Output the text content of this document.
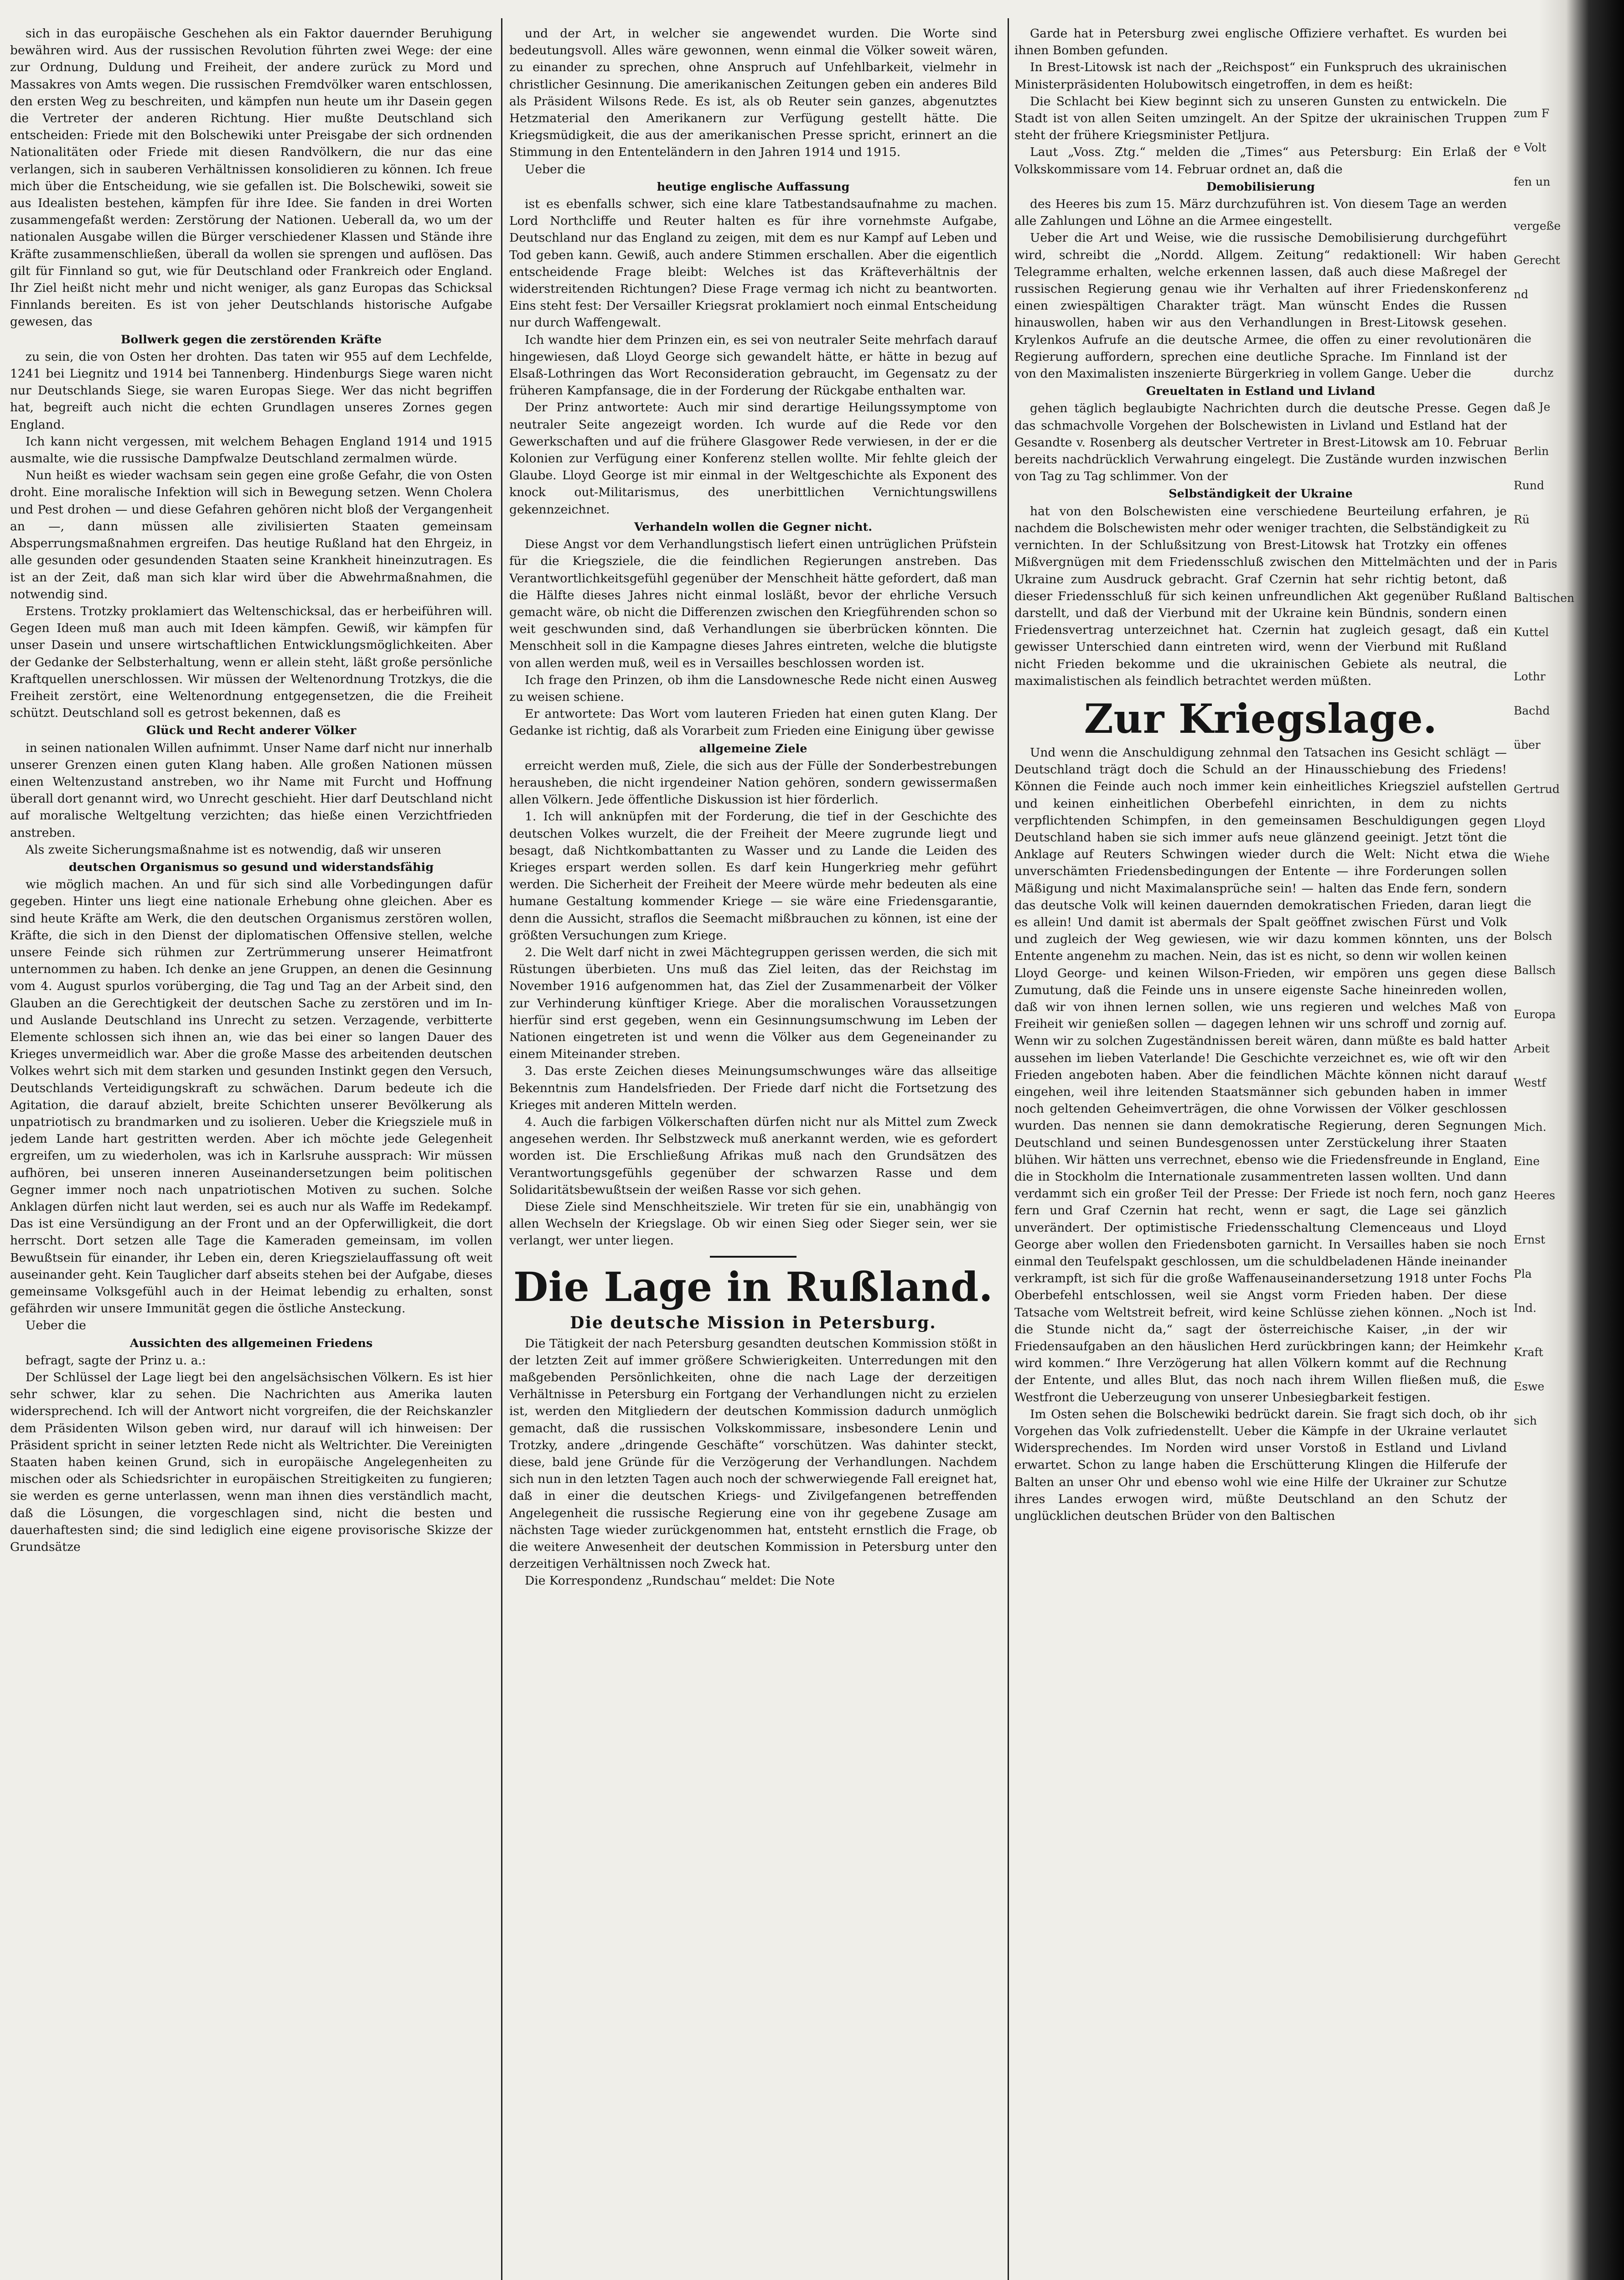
sich in das europäische Geschehen als ein Faktor dauernder Beruhigung bewähren wird. Aus der russischen Revolution führten zwei Wege: der eine zur Ordnung, Duldung und Freiheit, der andere zurück zu Mord und Massakres von Amts wegen. Die russischen Fremdvölker waren entschlossen, den ersten Weg zu beschreiten, und kämpfen nun heute um ihr Dasein gegen die Vertreter der anderen Richtung. Hier mußte Deutschland sich entscheiden: Friede mit den Bolschewiki unter Preisgabe der sich ordnenden Nationalitäten oder Friede mit diesen Randvölkern, die nur das eine verlangen, sich in sauberen Verhältnissen konsolidieren zu können. Ich freue mich über die Entscheidung, wie sie gefallen ist. Die Bolschewiki, soweit sie aus Idealisten bestehen, kämpfen für ihre Idee. Sie fanden in drei Worten zusammengefaßt werden: Zerstörung der Nationen. Ueberall da, wo um der nationalen Ausgabe willen die Bürger verschiedener Klassen und Stände ihre Kräfte zusammenschließen, überall da wollen sie sprengen und auflösen. Das gilt für Finnland so gut, wie für Deutschland oder Frankreich oder England. Ihr Ziel heißt nicht mehr und nicht weniger, als ganz Europas das Schicksal Finnlands bereiten. Es ist von jeher Deutschlands historische Aufgabe gewesen, das

Bollwerk gegen die zerstörenden Kräfte

zu sein, die von Osten her drohten. Das taten wir 955 auf dem Lechfelde, 1241 bei Liegnitz und 1914 bei Tannenberg. Hindenburgs Siege waren nicht nur Deutschlands Siege, sie waren Europas Siege. Wer das nicht begriffen hat, begreift auch nicht die echten Grundlagen unseres Zornes gegen England.

Ich kann nicht vergessen, mit welchem Behagen England 1914 und 1915 ausmalte, wie die russische Dampfwalze Deutschland zermalmen würde.

Nun heißt es wieder wachsam sein gegen eine große Gefahr, die von Osten droht. Eine moralische Infektion will sich in Bewegung setzen. Wenn Cholera und Pest drohen — und diese Gefahren gehören nicht bloß der Vergangenheit an —, dann müssen alle zivilisierten Staaten gemeinsam Absperrungsmaßnahmen ergreifen. Das heutige Rußland hat den Ehrgeiz, in alle gesunden oder gesundenden Staaten seine Krankheit hineinzutragen. Es ist an der Zeit, daß man sich klar wird über die Abwehrmaßnahmen, die notwendig sind.

Erstens. Trotzky proklamiert das Weltenschicksal, das er herbeiführen will. Gegen Ideen muß man auch mit Ideen kämpfen. Gewiß, wir kämpfen für unser Dasein und unsere wirtschaftlichen Entwicklungsmöglichkeiten. Aber der Gedanke der Selbsterhaltung, wenn er allein steht, läßt große persönliche Kraftquellen unerschlossen. Wir müssen der Weltenordnung Trotzkys, die die Freiheit zerstört, eine Weltenordnung entgegensetzen, die die Freiheit schützt. Deutschland soll es getrost bekennen, daß es

Glück und Recht anderer Völker

in seinen nationalen Willen aufnimmt. Unser Name darf nicht nur innerhalb unserer Grenzen einen guten Klang haben. Alle großen Nationen müssen einen Weltenzustand anstreben, wo ihr Name mit Furcht und Hoffnung überall dort genannt wird, wo Unrecht geschieht. Hier darf Deutschland nicht auf moralische Weltgeltung verzichten; das hieße einen Verzichtfrieden anstreben.

Als zweite Sicherungsmaßnahme ist es notwendig, daß wir unseren

deutschen Organismus so gesund und widerstandsfähig

wie möglich machen. An und für sich sind alle Vorbedingungen dafür gegeben. Hinter uns liegt eine nationale Erhebung ohne gleichen. Aber es sind heute Kräfte am Werk, die den deutschen Organismus zerstören wollen, Kräfte, die sich in den Dienst der diplomatischen Offensive stellen, welche unsere Feinde sich rühmen zur Zertrümmerung unserer Heimatfront unternommen zu haben. Ich denke an jene Gruppen, an denen die Gesinnung vom 4. August spurlos vorüberging, die Tag und Tag an der Arbeit sind, den Glauben an die Gerechtigkeit der deutschen Sache zu zerstören und im In- und Auslande Deutschland ins Unrecht zu setzen. Verzagende, verbitterte Elemente schlossen sich ihnen an, wie das bei einer so langen Dauer des Krieges unvermeidlich war. Aber die große Masse des arbeitenden deutschen Volkes wehrt sich mit dem starken und gesunden Instinkt gegen den Versuch, Deutschlands Verteidigungskraft zu schwächen. Darum bedeute ich die Agitation, die darauf abzielt, breite Schichten unserer Bevölkerung als unpatriotisch zu brandmarken und zu isolieren. Ueber die Kriegsziele muß in jedem Lande hart gestritten werden. Aber ich möchte jede Gelegenheit ergreifen, um zu wiederholen, was ich in Karlsruhe aussprach: Wir müssen aufhören, bei unseren inneren Auseinandersetzungen beim politischen Gegner immer noch nach unpatriotischen Motiven zu suchen. Solche Anklagen dürfen nicht laut werden, sei es auch nur als Waffe im Redekampf. Das ist eine Versündigung an der Front und an der Opferwilligkeit, die dort herrscht. Dort setzen alle Tage die Kameraden gemeinsam, im vollen Bewußtsein für einander, ihr Leben ein, deren Kriegszielauffassung oft weit auseinander geht. Kein Tauglicher darf abseits stehen bei der Aufgabe, dieses gemeinsame Volksgefühl auch in der Heimat lebendig zu erhalten, sonst gefährden wir unsere Immunität gegen die östliche Ansteckung.

Ueber die

Aussichten des allgemeinen Friedens

befragt, sagte der Prinz u. a.:

Der Schlüssel der Lage liegt bei den angelsächsischen Völkern. Es ist hier sehr schwer, klar zu sehen. Die Nachrichten aus Amerika lauten widersprechend. Ich will der Antwort nicht vorgreifen, die der Reichskanzler dem Präsidenten Wilson geben wird, nur darauf will ich hinweisen: Der Präsident spricht in seiner letzten Rede nicht als Weltrichter. Die Vereinigten Staaten haben keinen Grund, sich in europäische Angelegenheiten zu mischen oder als Schiedsrichter in europäischen Streitigkeiten zu fungieren; sie werden es gerne unterlassen, wenn man ihnen dies verständlich macht, daß die Lösungen, die vorgeschlagen sind, nicht die besten und dauerhaftesten sind; die sind lediglich eine eigene provisorische Skizze der Grundsätze

und der Art, in welcher sie angewendet wurden. Die Worte sind bedeutungsvoll. Alles wäre gewonnen, wenn einmal die Völker soweit wären, zu einander zu sprechen, ohne Anspruch auf Unfehlbarkeit, vielmehr in christlicher Gesinnung. Die amerikanischen Zeitungen geben ein anderes Bild als Präsident Wilsons Rede. Es ist, als ob Reuter sein ganzes, abgenutztes Hetzmaterial den Amerikanern zur Verfügung gestellt hätte. Die Kriegsmüdigkeit, die aus der amerikanischen Presse spricht, erinnert an die Stimmung in den Ententeländern in den Jahren 1914 und 1915.

Ueber die

heutige englische Auffassung

ist es ebenfalls schwer, sich eine klare Tatbestandsaufnahme zu machen. Lord Northcliffe und Reuter halten es für ihre vornehmste Aufgabe, Deutschland nur das England zu zeigen, mit dem es nur Kampf auf Leben und Tod geben kann. Gewiß, auch andere Stimmen erschallen. Aber die eigentlich entscheidende Frage bleibt: Welches ist das Kräfteverhältnis der widerstreitenden Richtungen? Diese Frage vermag ich nicht zu beantworten. Eins steht fest: Der Versailler Kriegsrat proklamiert noch einmal Entscheidung nur durch Waffengewalt.

Ich wandte hier dem Prinzen ein, es sei von neutraler Seite mehrfach darauf hingewiesen, daß Lloyd George sich gewandelt hätte, er hätte in bezug auf Elsaß-Lothringen das Wort Reconsideration gebraucht, im Gegensatz zu der früheren Kampfansage, die in der Forderung der Rückgabe enthalten war.

Der Prinz antwortete: Auch mir sind derartige Heilungssymptome von neutraler Seite angezeigt worden. Ich wurde auf die Rede vor den Gewerkschaften und auf die frühere Glasgower Rede verwiesen, in der er die Kolonien zur Verfügung einer Konferenz stellen wollte. Mir fehlte gleich der Glaube. Lloyd George ist mir einmal in der Weltgeschichte als Exponent des knock out-Militarismus, des unerbittlichen Vernichtungswillens gekennzeichnet.

Verhandeln wollen die Gegner nicht.

Diese Angst vor dem Verhandlungstisch liefert einen untrüglichen Prüfstein für die Kriegsziele, die die feindlichen Regierungen anstreben. Das Verantwortlichkeitsgefühl gegenüber der Menschheit hätte gefordert, daß man die Hälfte dieses Jahres nicht einmal losläßt, bevor der ehrliche Versuch gemacht wäre, ob nicht die Differenzen zwischen den Kriegführenden schon so weit geschwunden sind, daß Verhandlungen sie überbrücken könnten. Die Menschheit soll in die Kampagne dieses Jahres eintreten, welche die blutigste von allen werden muß, weil es in Versailles beschlossen worden ist.

Ich frage den Prinzen, ob ihm die Lansdownesche Rede nicht einen Ausweg zu weisen schiene.

Er antwortete: Das Wort vom lauteren Frieden hat einen guten Klang. Der Gedanke ist richtig, daß als Vorarbeit zum Frieden eine Einigung über gewisse

allgemeine Ziele

erreicht werden muß, Ziele, die sich aus der Fülle der Sonderbestrebungen herausheben, die nicht irgendeiner Nation gehören, sondern gewissermaßen allen Völkern. Jede öffentliche Diskussion ist hier förderlich.

1. Ich will anknüpfen mit der Forderung, die tief in der Geschichte des deutschen Volkes wurzelt, die der Freiheit der Meere zugrunde liegt und besagt, daß Nichtkombattanten zu Wasser und zu Lande die Leiden des Krieges erspart werden sollen. Es darf kein Hungerkrieg mehr geführt werden. Die Sicherheit der Freiheit der Meere würde mehr bedeuten als eine humane Gestaltung kommender Kriege — sie wäre eine Friedensgarantie, denn die Aussicht, straflos die Seemacht mißbrauchen zu können, ist eine der größten Versuchungen zum Kriege.

2. Die Welt darf nicht in zwei Mächtegruppen gerissen werden, die sich mit Rüstungen überbieten. Uns muß das Ziel leiten, das der Reichstag im November 1916 aufgenommen hat, das Ziel der Zusammenarbeit der Völker zur Verhinderung künftiger Kriege. Aber die moralischen Voraussetzungen hierfür sind erst gegeben, wenn ein Gesinnungsumschwung im Leben der Nationen eingetreten ist und wenn die Völker aus dem Gegeneinander zu einem Miteinander streben.

3. Das erste Zeichen dieses Meinungsumschwunges wäre das allseitige Bekenntnis zum Handelsfrieden. Der Friede darf nicht die Fortsetzung des Krieges mit anderen Mitteln werden.

4. Auch die farbigen Völkerschaften dürfen nicht nur als Mittel zum Zweck angesehen werden. Ihr Selbstzweck muß anerkannt werden, wie es gefordert worden ist. Die Erschließung Afrikas muß nach den Grundsätzen des Verantwortungsgefühls gegenüber der schwarzen Rasse und dem Solidaritätsbewußtsein der weißen Rasse vor sich gehen.

Diese Ziele sind Menschheitsziele. Wir treten für sie ein, unabhängig von allen Wechseln der Kriegslage. Ob wir einen Sieg oder Sieger sein, wer sie verlangt, wer unter liegen.

Die Lage in Rußland.
Die deutsche Mission in Petersburg.

Die Tätigkeit der nach Petersburg gesandten deutschen Kommission stößt in der letzten Zeit auf immer größere Schwierigkeiten. Unterredungen mit den maßgebenden Persönlichkeiten, ohne die nach Lage der derzeitigen Verhältnisse in Petersburg ein Fortgang der Verhandlungen nicht zu erzielen ist, werden den Mitgliedern der deutschen Kommission dadurch unmöglich gemacht, daß die russischen Volkskommissare, insbesondere Lenin und Trotzky, andere „dringende Geschäfte“ vorschützen. Was dahinter steckt, diese, bald jene Gründe für die Verzögerung der Verhandlungen. Nachdem sich nun in den letzten Tagen auch noch der schwerwiegende Fall ereignet hat, daß in einer die deutschen Kriegs- und Zivilgefangenen betreffenden Angelegenheit die russische Regierung eine von ihr gegebene Zusage am nächsten Tage wieder zurückgenommen hat, entsteht ernstlich die Frage, ob die weitere Anwesenheit der deutschen Kommission in Petersburg unter den derzeitigen Verhältnissen noch Zweck hat.

Die Korrespondenz „Rundschau“ meldet: Die Note

Garde hat in Petersburg zwei englische Offiziere verhaftet. Es wurden bei ihnen Bomben gefunden.

In Brest-Litowsk ist nach der „Reichspost“ ein Funkspruch des ukrainischen Ministerpräsidenten Holubowitsch eingetroffen, in dem es heißt:

Die Schlacht bei Kiew beginnt sich zu unseren Gunsten zu entwickeln. Die Stadt ist von allen Seiten umzingelt. An der Spitze der ukrainischen Truppen steht der frühere Kriegsminister Petljura.

Laut „Voss. Ztg.“ melden die „Times“ aus Petersburg: Ein Erlaß der Volkskommissare vom 14. Februar ordnet an, daß die

Demobilisierung

des Heeres bis zum 15. März durchzuführen ist. Von diesem Tage an werden alle Zahlungen und Löhne an die Armee eingestellt.

Ueber die Art und Weise, wie die russische Demobilisierung durchgeführt wird, schreibt die „Nordd. Allgem. Zeitung“ redaktionell: Wir haben Telegramme erhalten, welche erkennen lassen, daß auch diese Maßregel der russischen Regierung genau wie ihr Verhalten auf ihrer Friedenskonferenz einen zwiespältigen Charakter trägt. Man wünscht Endes die Russen hinauswollen, haben wir aus den Verhandlungen in Brest-Litowsk gesehen. Krylenkos Aufrufe an die deutsche Armee, die offen zu einer revolutionären Regierung auffordern, sprechen eine deutliche Sprache. Im Finnland ist der von den Maximalisten inszenierte Bürgerkrieg in vollem Gange. Ueber die

Greueltaten in Estland und Livland

gehen täglich beglaubigte Nachrichten durch die deutsche Presse. Gegen das schmachvolle Vorgehen der Bolschewisten in Livland und Estland hat der Gesandte v. Rosenberg als deutscher Vertreter in Brest-Litowsk am 10. Februar bereits nachdrücklich Verwahrung eingelegt. Die Zustände wurden inzwischen von Tag zu Tag schlimmer. Von der

Selbständigkeit der Ukraine

hat von den Bolschewisten eine verschiedene Beurteilung erfahren, je nachdem die Bolschewisten mehr oder weniger trachten, die Selbständigkeit zu vernichten. In der Schlußsitzung von Brest-Litowsk hat Trotzky ein offenes Mißvergnügen mit dem Friedensschluß zwischen den Mittelmächten und der Ukraine zum Ausdruck gebracht. Graf Czernin hat sehr richtig betont, daß dieser Friedensschluß für sich keinen unfreundlichen Akt gegenüber Rußland darstellt, und daß der Vierbund mit der Ukraine kein Bündnis, sondern einen Friedensvertrag unterzeichnet hat. Czernin hat zugleich gesagt, daß ein gewisser Unterschied dann eintreten wird, wenn der Vierbund mit Rußland nicht Frieden bekomme und die ukrainischen Gebiete als neutral, die maximalistischen als feindlich betrachtet werden müßten.

Zur Kriegslage.

Und wenn die Anschuldigung zehnmal den Tatsachen ins Gesicht schlägt — Deutschland trägt doch die Schuld an der Hinausschiebung des Friedens! Können die Feinde auch noch immer kein einheitliches Kriegsziel aufstellen und keinen einheitlichen Oberbefehl einrichten, in dem zu nichts verpflichtenden Schimpfen, in den gemeinsamen Beschuldigungen gegen Deutschland haben sie sich immer aufs neue glänzend geeinigt. Jetzt tönt die Anklage auf Reuters Schwingen wieder durch die Welt: Nicht etwa die unverschämten Friedensbedingungen der Entente — ihre Forderungen sollen Mäßigung und nicht Maximalansprüche sein! — halten das Ende fern, sondern das deutsche Volk will keinen dauernden demokratischen Frieden, daran liegt es allein! Und damit ist abermals der Spalt geöffnet zwischen Fürst und Volk und zugleich der Weg gewiesen, wie wir dazu kommen könnten, uns der Entente angenehm zu machen. Nein, das ist es nicht, so denn wir wollen keinen Lloyd George- und keinen Wilson-Frieden, wir empören uns gegen diese Zumutung, daß die Feinde uns in unsere eigenste Sache hineinreden wollen, daß wir von ihnen lernen sollen, wie uns regieren und welches Maß von Freiheit wir genießen sollen — dagegen lehnen wir uns schroff und zornig auf. Wenn wir zu solchen Zugeständnissen bereit wären, dann müßte es bald hatter aussehen im lieben Vaterlande! Die Geschichte verzeichnet es, wie oft wir den Frieden angeboten haben. Aber die feindlichen Mächte können nicht darauf eingehen, weil ihre leitenden Staatsmänner sich gebunden haben in immer noch geltenden Geheimverträgen, die ohne Vorwissen der Völker geschlossen wurden. Das nennen sie dann demokratische Regierung, deren Segnungen Deutschland und seinen Bundesgenossen unter Zerstückelung ihrer Staaten blühen. Wir hätten uns verrechnet, ebenso wie die Friedensfreunde in England, die in Stockholm die Internationale zusammentreten lassen wollten. Und dann verdammt sich ein großer Teil der Presse: Der Friede ist noch fern, noch ganz fern und Graf Czernin hat recht, wenn er sagt, die Lage sei gänzlich unverändert. Der optimistische Friedensschaltung Clemenceaus und Lloyd George aber wollen den Friedensboten garnicht. In Versailles haben sie noch einmal den Teufelspakt geschlossen, um die schuldbeladenen Hände ineinander verkrampft, ist sich für die große Waffenauseinandersetzung 1918 unter Fochs Oberbefehl entschlossen, weil sie Angst vorm Frieden haben. Der diese Tatsache vom Weltstreit befreit, wird keine Schlüsse ziehen können. „Noch ist die Stunde nicht da,“ sagt der österreichische Kaiser, „in der wir Friedensaufgaben an den häuslichen Herd zurückbringen kann; der Heimkehr wird kommen.“ Ihre Verzögerung hat allen Völkern kommt auf die Rechnung der Entente, und alles Blut, das noch nach ihrem Willen fließen muß, die Westfront die Ueberzeugung von unserer Unbesiegbarkeit festigen.

Im Osten sehen die Bolschewiki bedrückt darein. Sie fragt sich doch, ob ihr Vorgehen das Volk zufriedenstellt. Ueber die Kämpfe in der Ukraine verlautet Widersprechendes. Im Norden wird unser Vorstoß in Estland und Livland erwartet. Schon zu lange haben die Erschütterung Klingen die Hilferufe der Balten an unser Ohr und ebenso wohl wie eine Hilfe der Ukrainer zur Schutze ihres Landes erwogen wird, müßte Deutschland an den Schutz der unglücklichen deutschen Brüder von den Baltischen

zum F
e Volt
fen un
vergeße
Gerecht
nd
die
durchz
daß Je
Berlin
Rund
Rü
in Paris
Baltischen
Kuttel
Lothr
Bachd
über
Gertrud
Lloyd
Wiehe
die
Bolsch
Ballsch
Europa
Arbeit
Westf
Mich.
Eine
Heeres
Ernst
Pla
Ind.
Kraft
Eswe
sich
